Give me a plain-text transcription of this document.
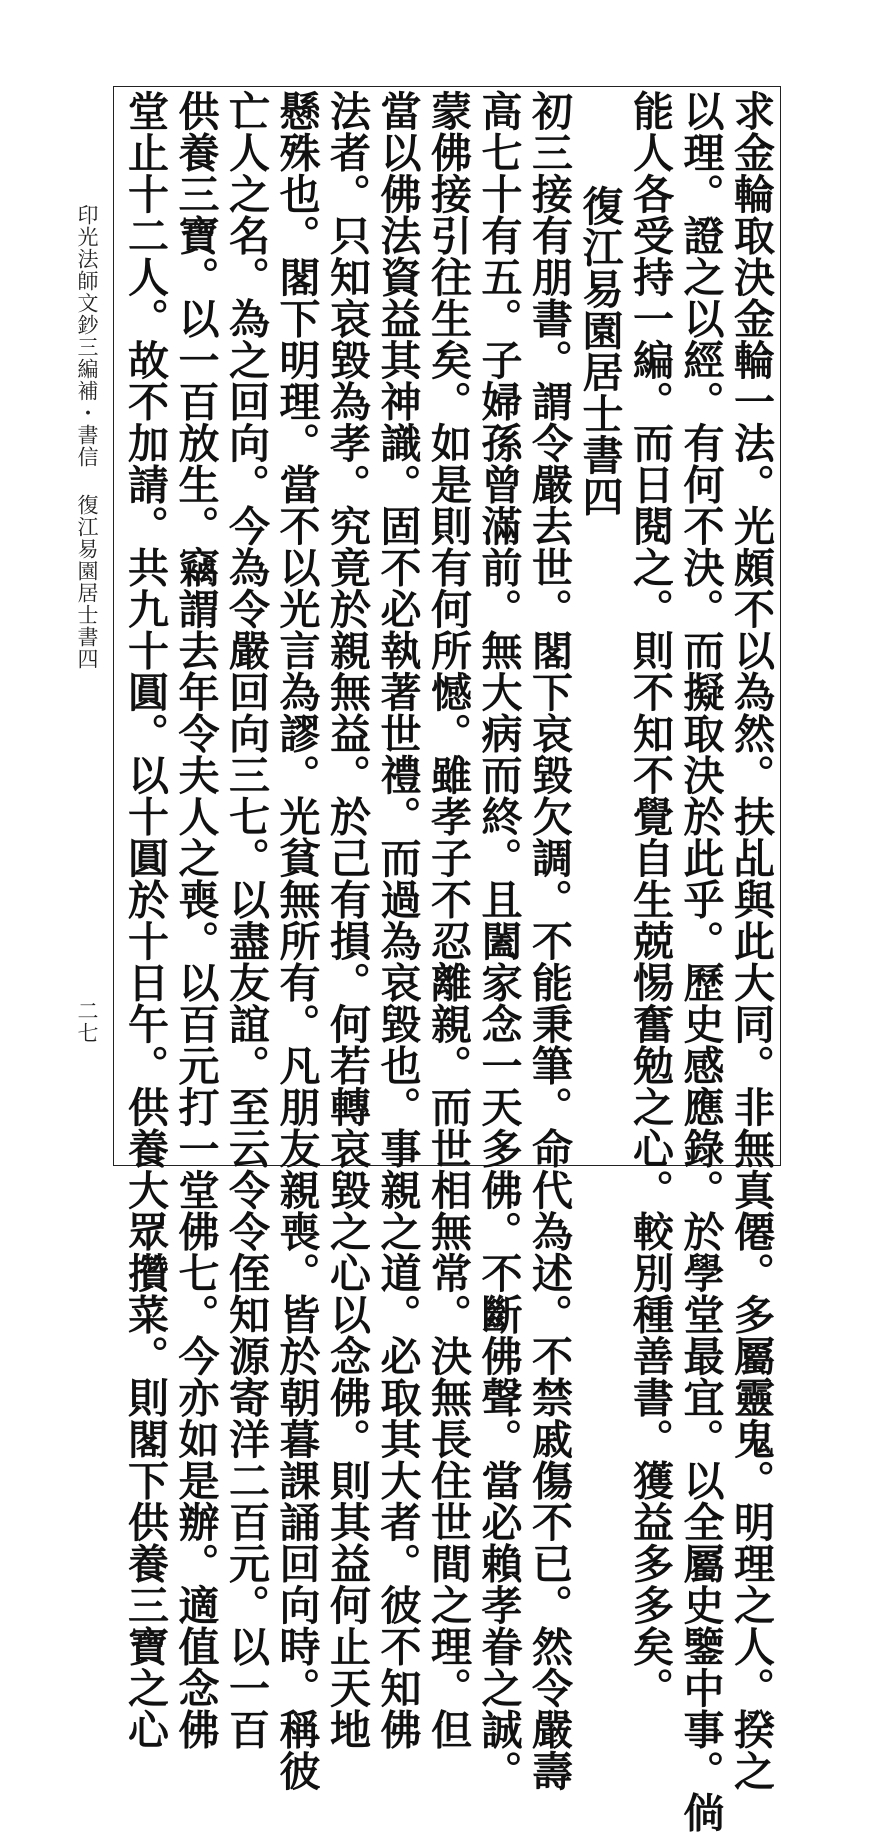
求金輪取決金輪一法。光頗不以為然。扶乩與此大同。非無真僊。多屬靈鬼。明理之人。揆之
以理。證之以經。有何不決。而擬取決於此乎。歷史感應錄。於學堂最宜。以全屬史鑒中事。倘
能人各受持一編。而日閱之。則不知不覺自生兢惕奮勉之心。較別種善書。獲益多多矣。
復江易園居士書四
初三接有朋書。謂令嚴去世。閣下哀毀欠調。不能秉筆。命代為述。不禁戚傷不已。然令嚴壽
高七十有五。子婦孫曾滿前。無大病而終。且闔家念一天多佛。不斷佛聲。當必賴孝眷之誠。
蒙佛接引往生矣。如是則有何所憾。雖孝子不忍離親。而世相無常。決無長住世間之理。但
當以佛法資益其神識。固不必執著世禮。而過為哀毀也。事親之道。必取其大者。彼不知佛
法者。只知哀毀為孝。究竟於親無益。於己有損。何若轉哀毀之心以念佛。則其益何止天地
懸殊也。閣下明理。當不以光言為謬。光貧無所有。凡朋友親喪。皆於朝暮課誦回向時。稱彼
亡人之名。為之回向。今為令嚴回向三七。以盡友誼。至云令令侄知源寄洋二百元。以一百
供養三寶。以一百放生。竊謂去年令夫人之喪。以百元打一堂佛七。今亦如是辦。適值念佛
堂止十二人。故不加請。共九十圓。以十圓於十日午。供養大眾攢菜。則閣下供養三寶之心
印光法師文鈔三編補・書信復江易園居士書四
二七
